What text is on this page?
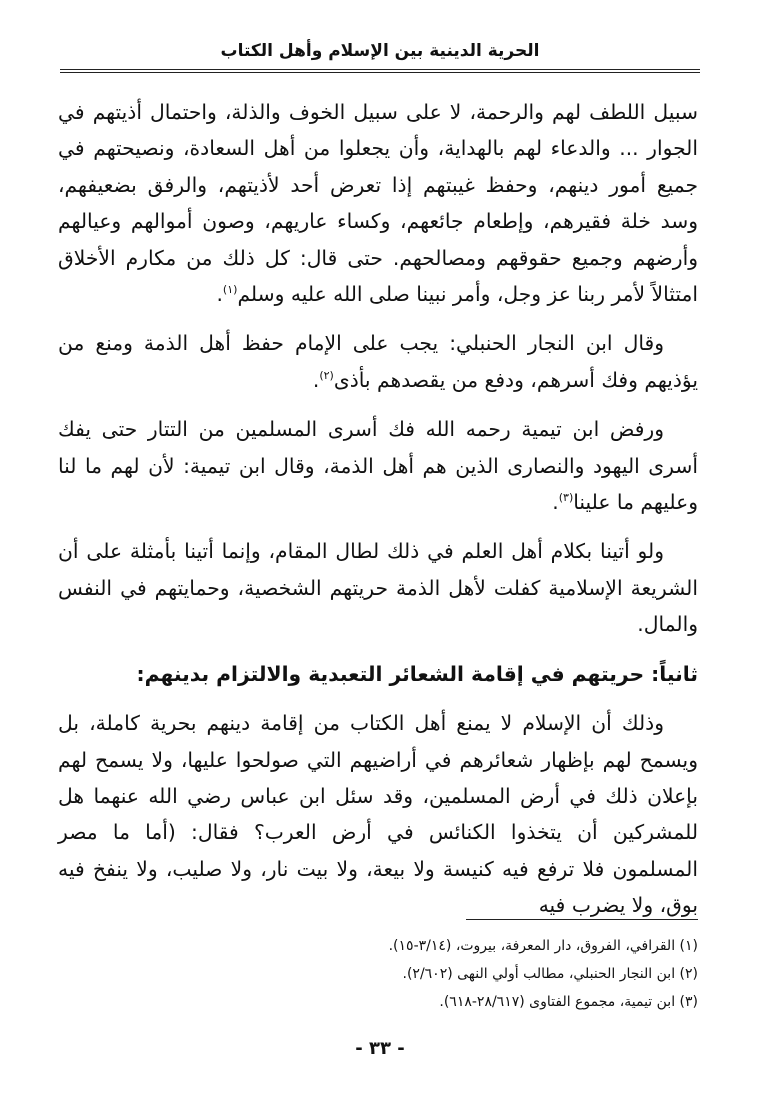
الحرية الدينية بين الإسلام وأهل الكتاب

سبيل اللطف لهم والرحمة، لا على سبيل الخوف والذلة، واحتمال أذيتهم في الجوار ... والدعاء لهم بالهداية، وأن يجعلوا من أهل السعادة، ونصيحتهم في جميع أمور دينهم، وحفظ غيبتهم إذا تعرض أحد لأذيتهم، والرفق بضعيفهم، وسد خلة فقيرهم، وإطعام جائعهم، وكساء عاريهم، وصون أموالهم وعيالهم وأرضهم وجميع حقوقهم ومصالحهم. حتى قال: كل ذلك من مكارم الأخلاق امتثالاً لأمر ربنا عز وجل، وأمر نبينا صلى الله عليه وسلم$^{(١)}$.

وقال ابن النجار الحنبلي: يجب على الإمام حفظ أهل الذمة ومنع من يؤذيهم وفك أسرهم، ودفع من يقصدهم بأذى$^{(٢)}$.

ورفض ابن تيمية رحمه الله فك أسرى المسلمين من التتار حتى يفك أسرى اليهود والنصارى الذين هم أهل الذمة، وقال ابن تيمية: لأن لهم ما لنا وعليهم ما علينا$^{(٣)}$.

ولو أتينا بكلام أهل العلم في ذلك لطال المقام، وإنما أتينا بأمثلة على أن الشريعة الإسلامية كفلت لأهل الذمة حريتهم الشخصية، وحمايتهم في النفس والمال.

ثانياً: حريتهم في إقامة الشعائر التعبدية والالتزام بدينهم:

وذلك أن الإسلام لا يمنع أهل الكتاب من إقامة دينهم بحرية كاملة، بل ويسمح لهم بإظهار شعائرهم في أراضيهم التي صولحوا عليها، ولا يسمح لهم بإعلان ذلك في أرض المسلمين، وقد سئل ابن عباس رضي الله عنهما هل للمشركين أن يتخذوا الكنائس في أرض العرب؟ فقال: (أما ما مصر المسلمون فلا ترفع فيه كنيسة ولا بيعة، ولا بيت نار، ولا صليب، ولا ينفخ فيه بوق، ولا يضرب فيه

(١) القرافي، الفروق، دار المعرفة، بيروت، (٣/١٤-١٥).

(٢) ابن النجار الحنبلي، مطالب أولي النهى (٢/٦٠٢).

(٣) ابن تيمية، مجموع الفتاوى (٢٨/٦١٧-٦١٨).

- ٣٣ -
